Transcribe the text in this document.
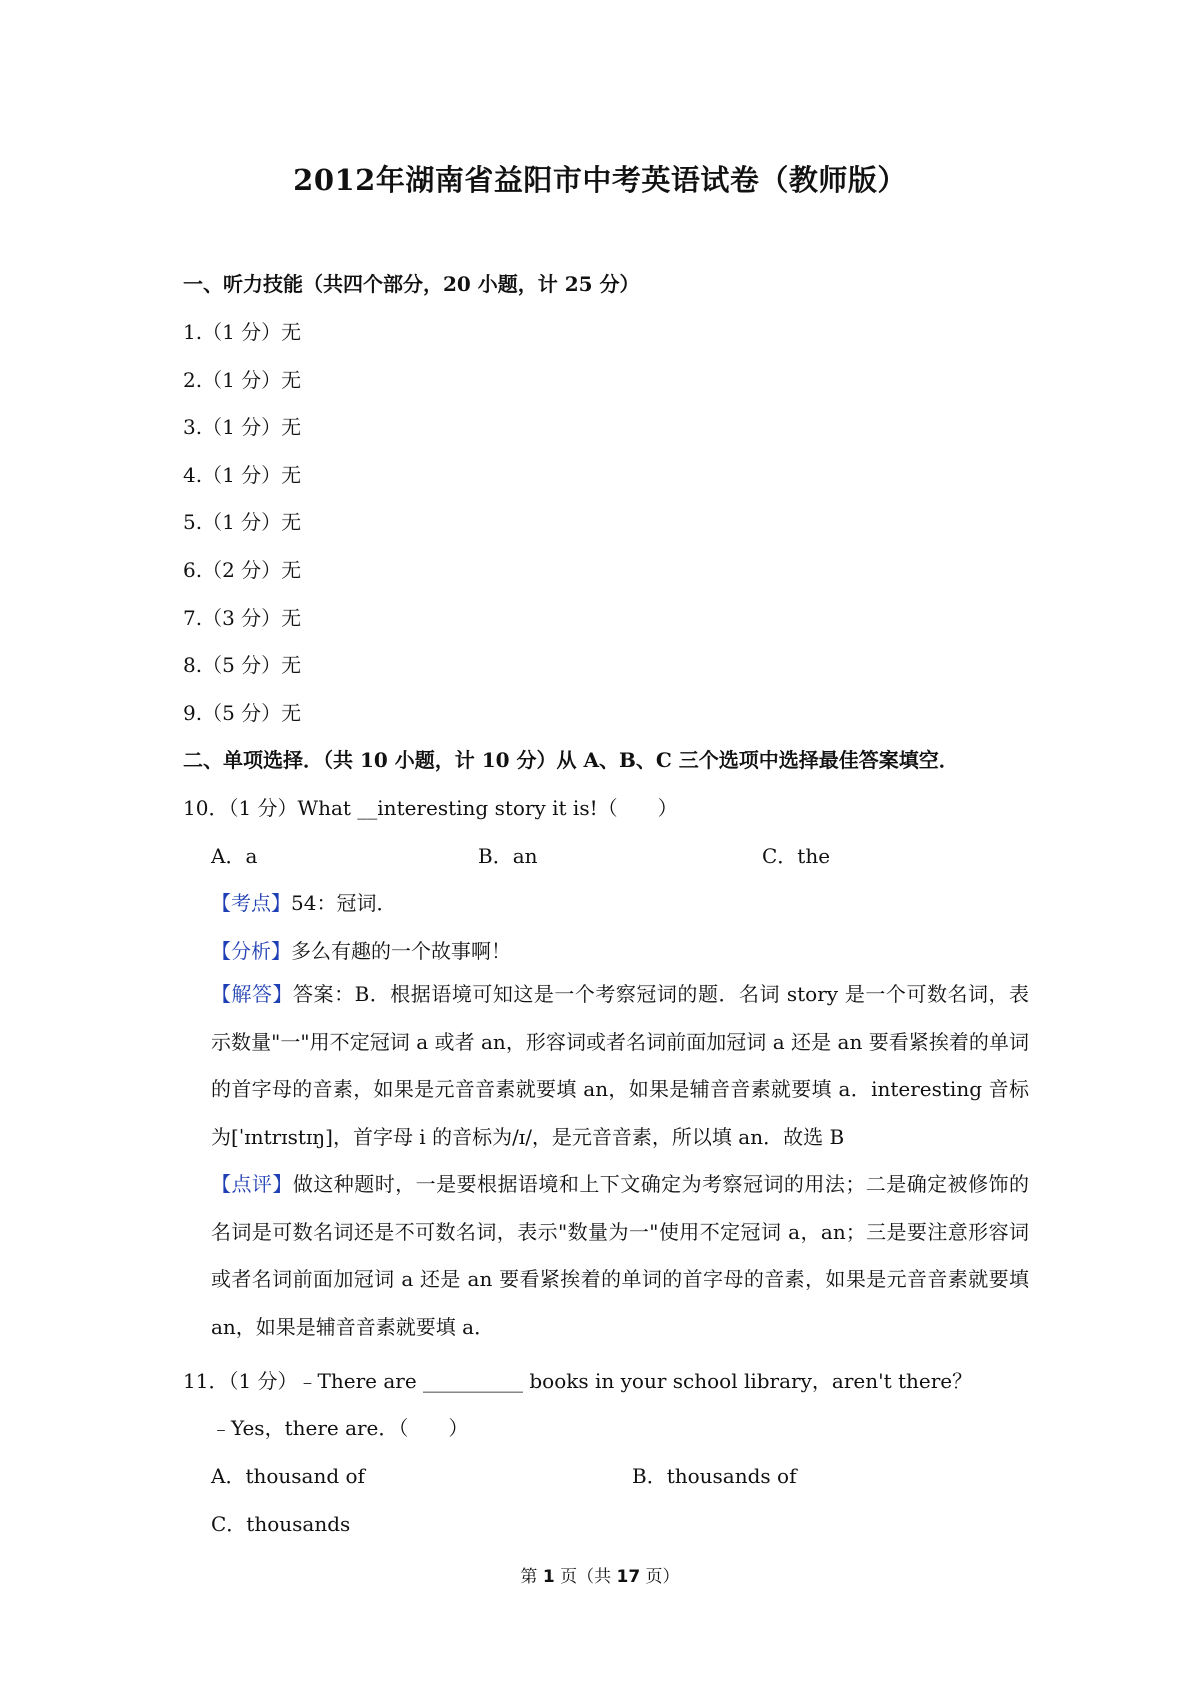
2012年湖南省益阳市中考英语试卷（教师版）
一、听力技能（共四个部分，20 小题，计 25 分）
1.（1 分）无
2.（1 分）无
3.（1 分）无
4.（1 分）无
5.（1 分）无
6.（2 分）无
7.（3 分）无
8.（5 分）无
9.（5 分）无
二、单项选择．（共 10 小题，计 10 分）从 A、B、C 三个选项中选择最佳答案填空．
10．（1 分）What __interesting story it is!（　　）
A．a	B．an	C．the
【考点】54：冠词．
【分析】多么有趣的一个故事啊！
【解答】答案：B．根据语境可知这是一个考察冠词的题．名词 story 是一个可数名词，表示数量"一"用不定冠词 a 或者 an，形容词或者名词前面加冠词 a 还是 an 要看紧挨着的单词的首字母的音素，如果是元音音素就要填 an，如果是辅音音素就要填 a．interesting 音标为[ˈɪntrɪstɪŋ]，首字母 i 的音标为/ɪ/，是元音音素，所以填 an．故选 B
【点评】做这种题时，一是要根据语境和上下文确定为考察冠词的用法；二是确定被修饰的名词是可数名词还是不可数名词，表示"数量为一"使用不定冠词 a，an；三是要注意形容词或者名词前面加冠词 a 还是 an 要看紧挨着的单词的首字母的音素，如果是元音音素就要填 an，如果是辅音音素就要填 a．
11．（1 分）﹣There are __________ books in your school library，aren't there？
﹣Yes，there are．（　　）
A．thousand of	B．thousands of
C．thousands
第 1 页（共 17 页）
